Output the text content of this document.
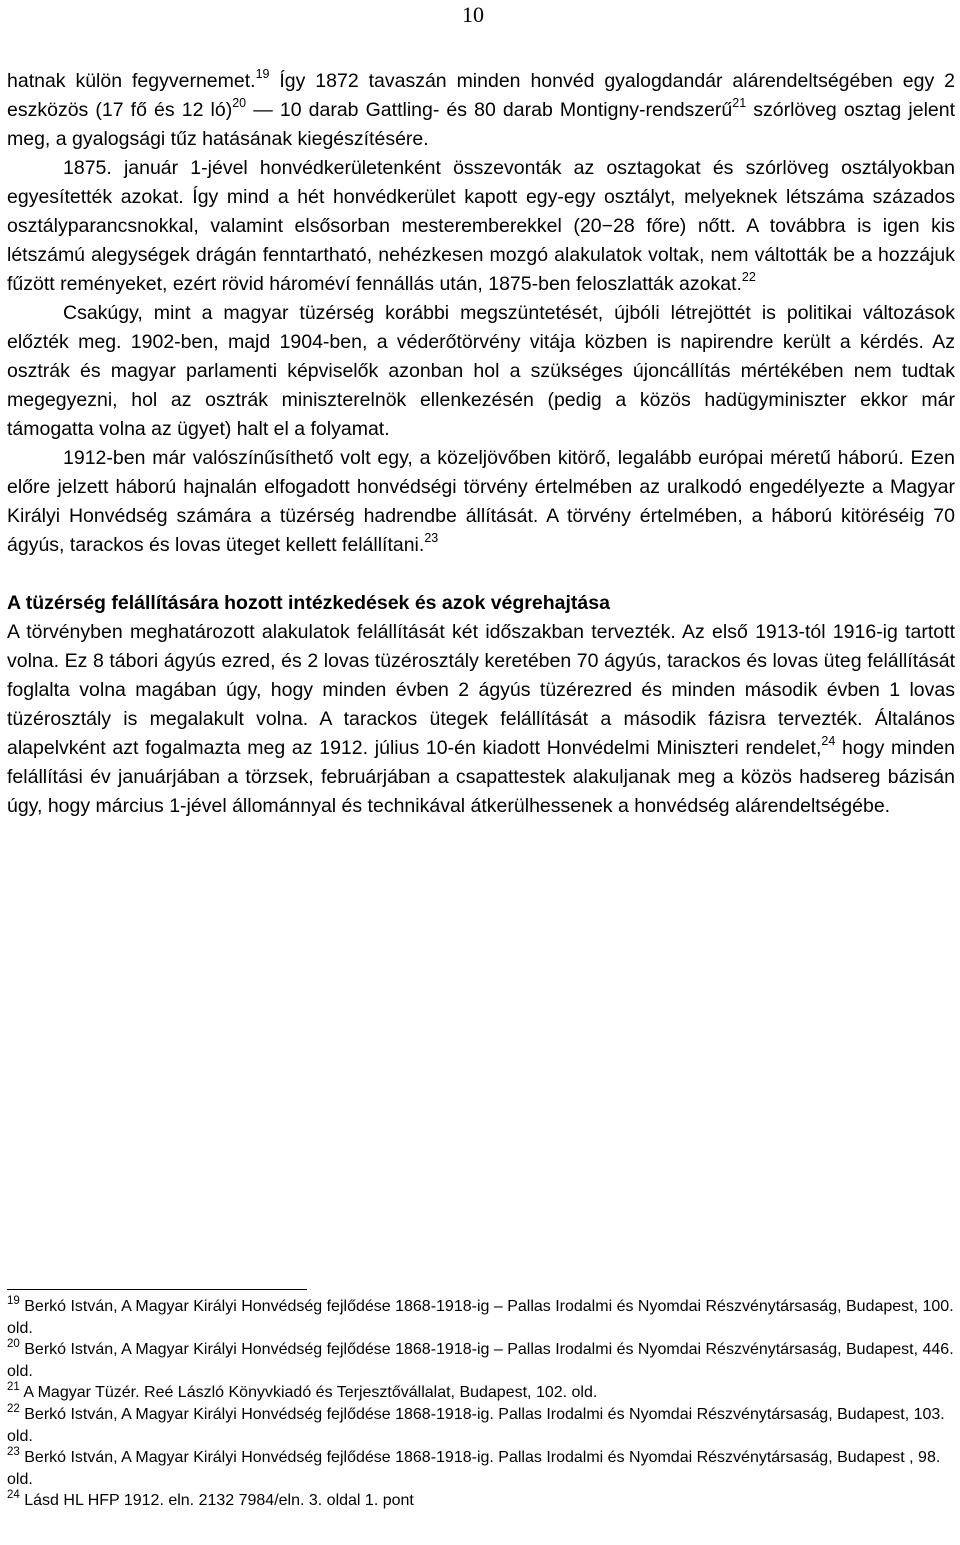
10

hatnak külön fegyvernemet.$^{19}$ Így 1872 tavaszán minden honvéd gyalogdandár alárendeltségében egy 2 eszközös (17 fő és 12 ló)$^{20}$ ― 10 darab Gattling- és 80 darab Montigny-rendszerű$^{21}$ szórlöveg osztag jelent meg, a gyalogsági tűz hatásának kiegészítésére.

1875. január 1-jével honvédkerületenként összevonták az osztagokat és szórlöveg osztályokban egyesítették azokat. Így mind a hét honvédkerület kapott egy-egy osztályt, melyeknek létszáma százados osztályparancsnokkal, valamint elsősorban mesteremberekkel (20−28 főre) nőtt. A továbbra is igen kis létszámú alegységek drágán fenntartható, nehézkesen mozgó alakulatok voltak, nem váltották be a hozzájuk fűzött reményeket, ezért rövid hároméví fennállás után, 1875-ben feloszlatták azokat.$^{22}$

Csakúgy, mint a magyar tüzérség korábbi megszüntetését, újbóli létrejöttét is politikai változások előzték meg. 1902-ben, majd 1904-ben, a véderőtörvény vitája közben is napirendre került a kérdés. Az osztrák és magyar parlamenti képviselők azonban hol a szükséges újoncállítás mértékében nem tudtak megegyezni, hol az osztrák miniszterelnök ellenkezésén (pedig a közös hadügyminiszter ekkor már támogatta volna az ügyet) halt el a folyamat.

1912-ben már valószínűsíthető volt egy, a közeljövőben kitörő, legalább európai méretű háború. Ezen előre jelzett háború hajnalán elfogadott honvédségi törvény értelmében az uralkodó engedélyezte a Magyar Királyi Honvédség számára a tüzérség hadrendbe állítását. A törvény értelmében, a háború kitöréséig 70 ágyús, tarackos és lovas üteget kellett felállítani.$^{23}$

A tüzérség felállítására hozott intézkedések és azok végrehajtása

A törvényben meghatározott alakulatok felállítását két időszakban tervezték. Az első 1913-tól 1916-ig tartott volna. Ez 8 tábori ágyús ezred, és 2 lovas tüzérosztály keretében 70 ágyús, tarackos és lovas üteg felállítását foglalta volna magában úgy, hogy minden évben 2 ágyús tüzérezred és minden második évben 1 lovas tüzérosztály is megalakult volna. A tarackos ütegek felállítását a második fázisra tervezték. Általános alapelvként azt fogalmazta meg az 1912. július 10-én kiadott Honvédelmi Miniszteri rendelet,$^{24}$ hogy minden felállítási év januárjában a törzsek, februárjában a csapattestek alakuljanak meg a közös hadsereg bázisán úgy, hogy március 1-jével állománnyal és technikával átkerülhessenek a honvédség alárendeltségébe.

$^{19}$ Berkó István, A Magyar Királyi Honvédség fejlődése 1868-1918-ig – Pallas Irodalmi és Nyomdai Részvénytársaság, Budapest, 100. old.

$^{20}$ Berkó István, A Magyar Királyi Honvédség fejlődése 1868-1918-ig – Pallas Irodalmi és Nyomdai Részvénytársaság, Budapest, 446. old.

$^{21}$ A Magyar Tüzér. Reé László Könyvkiadó és Terjesztővállalat, Budapest, 102. old.

$^{22}$ Berkó István, A Magyar Királyi Honvédség fejlődése 1868-1918-ig. Pallas Irodalmi és Nyomdai Részvénytársaság, Budapest, 103. old.

$^{23}$ Berkó István, A Magyar Királyi Honvédség fejlődése 1868-1918-ig. Pallas Irodalmi és Nyomdai Részvénytársaság, Budapest , 98. old.

$^{24}$ Lásd HL HFP 1912. eln. 2132 7984/eln. 3. oldal 1. pont
